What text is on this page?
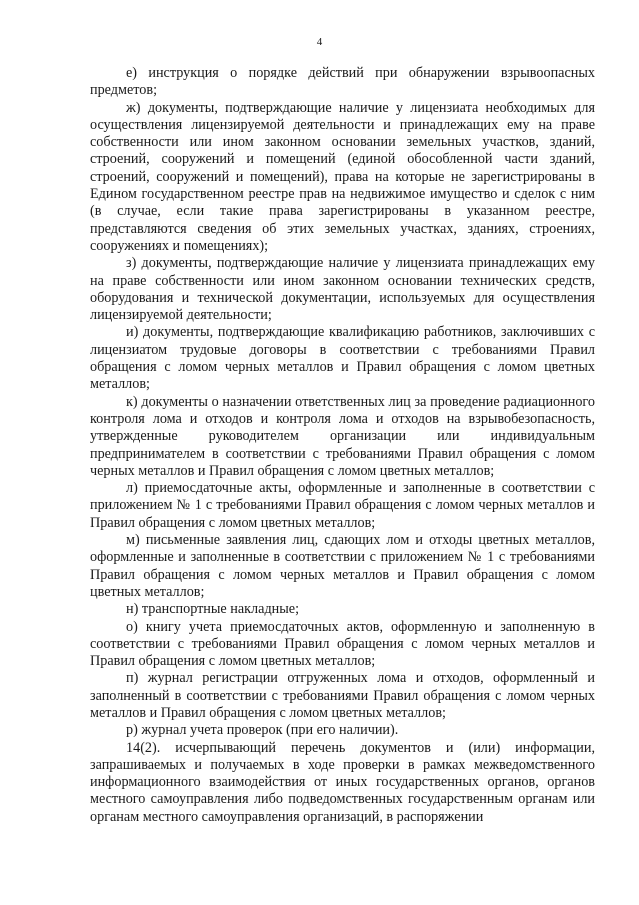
4

е) инструкция о порядке действий при обнаружении взрывоопасных предметов;

ж) документы, подтверждающие наличие у лицензиата необходимых для осуществления лицензируемой деятельности и принадлежащих ему на праве собственности или ином законном основании земельных участков, зданий, строений, сооружений и помещений (единой обособленной части зданий, строений, сооружений и помещений), права на которые не зарегистрированы в Едином государственном реестре прав на недвижимое имущество и сделок с ним (в случае, если такие права зарегистрированы в указанном реестре, представляются сведения об этих земельных участках, зданиях, строениях, сооружениях и помещениях);

з) документы, подтверждающие наличие у лицензиата принадлежащих ему на праве собственности или ином законном основании технических средств, оборудования и технической документации, используемых для осуществления лицензируемой деятельности;

и) документы, подтверждающие квалификацию работников, заключивших с лицензиатом трудовые договоры в соответствии с требованиями Правил обращения с ломом черных металлов и Правил обращения с ломом цветных металлов;

к) документы о назначении ответственных лиц за проведение радиационного контроля лома и отходов и контроля лома и отходов на взрывобезопасность, утвержденные руководителем организации или индивидуальным предпринимателем в соответствии с требованиями Правил обращения с ломом черных металлов и Правил обращения с ломом цветных металлов;

л) приемосдаточные акты, оформленные и заполненные в соответствии с приложением № 1 с требованиями Правил обращения с ломом черных металлов и Правил обращения с ломом цветных металлов;

м) письменные заявления лиц, сдающих лом и отходы цветных металлов, оформленные и заполненные в соответствии с приложением № 1 с требованиями Правил обращения с ломом черных металлов и Правил обращения с ломом цветных металлов;

н) транспортные накладные;

о) книгу учета приемосдаточных актов, оформленную и заполненную в соответствии с требованиями Правил обращения с ломом черных металлов и Правил обращения с ломом цветных металлов;

п) журнал регистрации отгруженных лома и отходов, оформленный и заполненный в соответствии с требованиями Правил обращения с ломом черных металлов и Правил обращения с ломом цветных металлов;

р) журнал учета проверок (при его наличии).

14(2). исчерпывающий перечень документов и (или) информации, запрашиваемых и получаемых в ходе проверки в рамках межведомственного информационного взаимодействия от иных государственных органов, органов местного самоуправления либо подведомственных государственным органам или органам местного самоуправления организаций, в распоряжении
